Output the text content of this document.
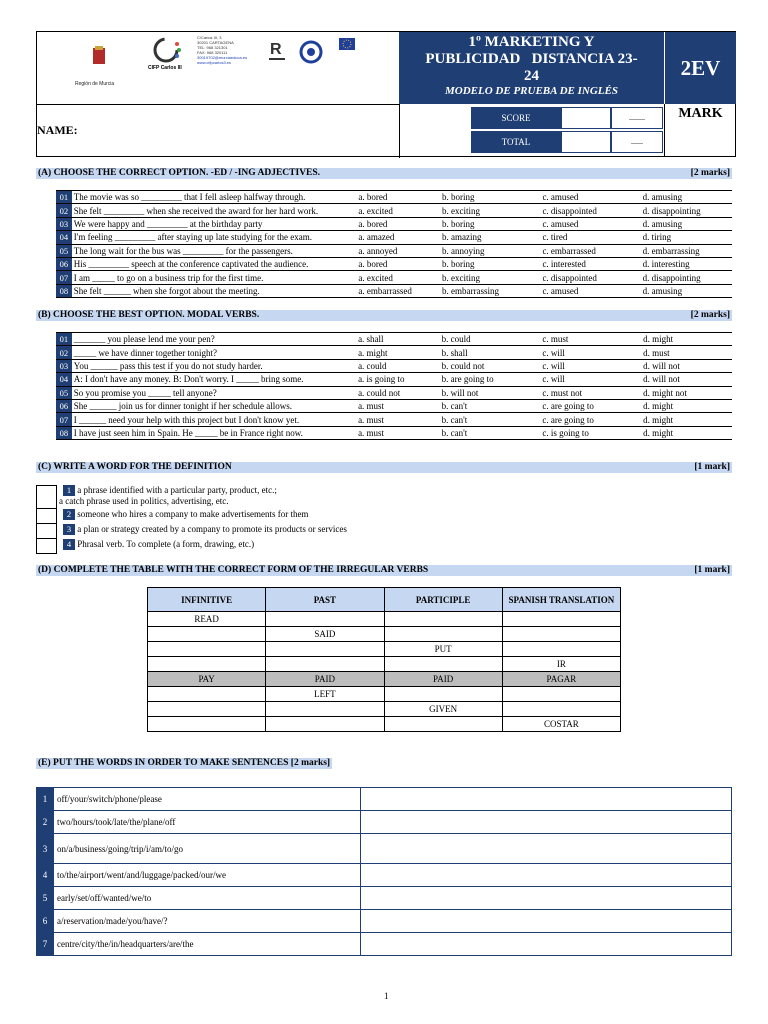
Región de Murcia
CIFP Carlos III
C/Carlos III, 3
30201 CARTAGENA
TEL: 968 321301
FAX: 968 320111
30019702@murciaeduca.es
www.cifpcarlos3.es
R
NAME:
1º MARKETING Y
PUBLICIDAD   DISTANCIA 23-
24
MODELO DE PRUEBA DE INGLÉS
2EV
SCORE	........
TOTAL	......
MARK
(A) CHOOSE THE CORRECT OPTION. -ED / -ING ADJECTIVES.	[2 marks]
01	The movie was so _________ that I fell asleep halfway through.	a. bored	b. boring	c. amused	d. amusing
02	She felt _________ when she received the award for her hard work.	a. excited	b. exciting	c. disappointed	d. disappointing
03	We were happy and _________ at the birthday party	a. bored	b. boring	c. amused	d. amusing
04	I'm feeling _________ after staying up late studying for the exam.	a. amazed	b. amazing	c. tired	d. tiring
05	The long wait for the bus was _________ for the passengers.	a. annoyed	b. annoying	c. embarrassed	d. embarrassing
06	His _________ speech at the conference captivated the audience.	a. bored	b. boring	c. interested	d. interesting
07	I am _____ to go on a business trip for the first time.	a. excited	b. exciting	c. disappointed	d. disappointing
08	She felt ______ when she forgot about the meeting.	a. embarrassed	b. embarrassing	c. amused	d. amusing
(B) CHOOSE THE BEST OPTION. MODAL VERBS.	[2 marks]
01	_______ you please lend me your pen?	a. shall	b. could	c. must	d. might
02	_____ we have dinner together tonight?	a. might	b. shall	c. will	d. must
03	You ______ pass this test if you do not study harder.	a. could	b. could not	c. will	d. will not
04	A: I don't have any money. B: Don't worry. I _____ bring some.	a. is going to	b. are going to	c. will	d. will not
05	So you promise you _____ tell anyone?	a. could not	b. will not	c. must not	d. might not
06	She ______ join us for dinner tonight if her schedule allows.	a. must	b. can't	c. are going to	d. might
07	I ______ need your help with this project but I don't know yet.	a. must	b. can't	c. are going to	d. might
08	I have just seen him in Spain. He _____ be in France right now.	a. must	b. can't	c. is going to	d. might
(C) WRITE A WORD FOR THE DEFINITION	[1 mark]
1 a phrase identified with a particular party, product, etc.;
a catch phrase used in politics, advertising, etc.
2 someone who hires a company to make advertisements for them
3 a plan or strategy created by a company to promote its products or services
4 Phrasal verb. To complete (a form, drawing, etc.)
(D) COMPLETE THE TABLE WITH THE CORRECT FORM OF THE IRREGULAR VERBS	[1 mark]
INFINITIVE	PAST	PARTICIPLE	SPANISH TRANSLATION
READ			
	SAID		
		PUT	
			IR
PAY	PAID	PAID	PAGAR
	LEFT		
		GIVEN	
			COSTAR
(E) PUT THE WORDS IN ORDER TO MAKE SENTENCES [2 marks]
1	off/your/switch/phone/please	
2	two/hours/took/late/the/plane/off	
3	on/a/business/going/trip/i/am/to/go	
4	to/the/airport/went/and/luggage/packed/our/we	
5	early/set/off/wanted/we/to	
6	a/reservation/made/you/have/?	
7	centre/city/the/in/headquarters/are/the	
1
